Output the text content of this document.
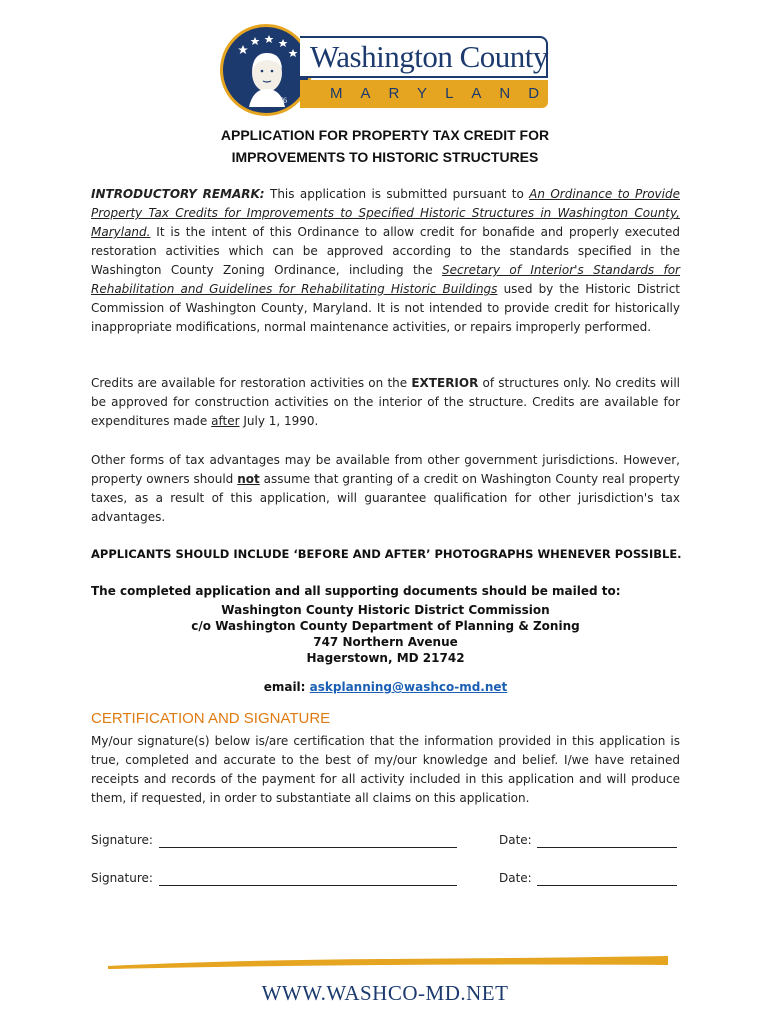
1776
Washington County
MARYLAND
APPLICATION FOR PROPERTY TAX CREDIT FOR
IMPROVEMENTS TO HISTORIC STRUCTURES
INTRODUCTORY REMARK: This application is submitted pursuant to An Ordinance to Provide Property Tax Credits for Improvements to Specified Historic Structures in Washington County, Maryland. It is the intent of this Ordinance to allow credit for bonafide and properly executed restoration activities which can be approved according to the standards specified in the Washington County Zoning Ordinance, including the Secretary of Interior's Standards for Rehabilitation and Guidelines for Rehabilitating Historic Buildings used by the Historic District Commission of Washington County, Maryland. It is not intended to provide credit for historically inappropriate modifications, normal maintenance activities, or repairs improperly performed.
Credits are available for restoration activities on the EXTERIOR of structures only. No credits will be approved for construction activities on the interior of the structure. Credits are available for expenditures made after July 1, 1990.
Other forms of tax advantages may be available from other government jurisdictions. However, property owners should not assume that granting of a credit on Washington County real property taxes, as a result of this application, will guarantee qualification for other jurisdiction's tax advantages.
APPLICANTS SHOULD INCLUDE ‘BEFORE AND AFTER’ PHOTOGRAPHS WHENEVER POSSIBLE.
The completed application and all supporting documents should be mailed to:
Washington County Historic District Commission
c/o Washington County Department of Planning & Zoning
747 Northern Avenue
Hagerstown, MD 21742
email: askplanning@washco-md.net
CERTIFICATION AND SIGNATURE
My/our signature(s) below is/are certification that the information provided in this application is true, completed and accurate to the best of my/our knowledge and belief. I/we have retained receipts and records of the payment for all activity included in this application and will produce them, if requested, in order to substantiate all claims on this application.
Signature:	Date:
Signature:	Date:
WWW.WASHCO-MD.NET
